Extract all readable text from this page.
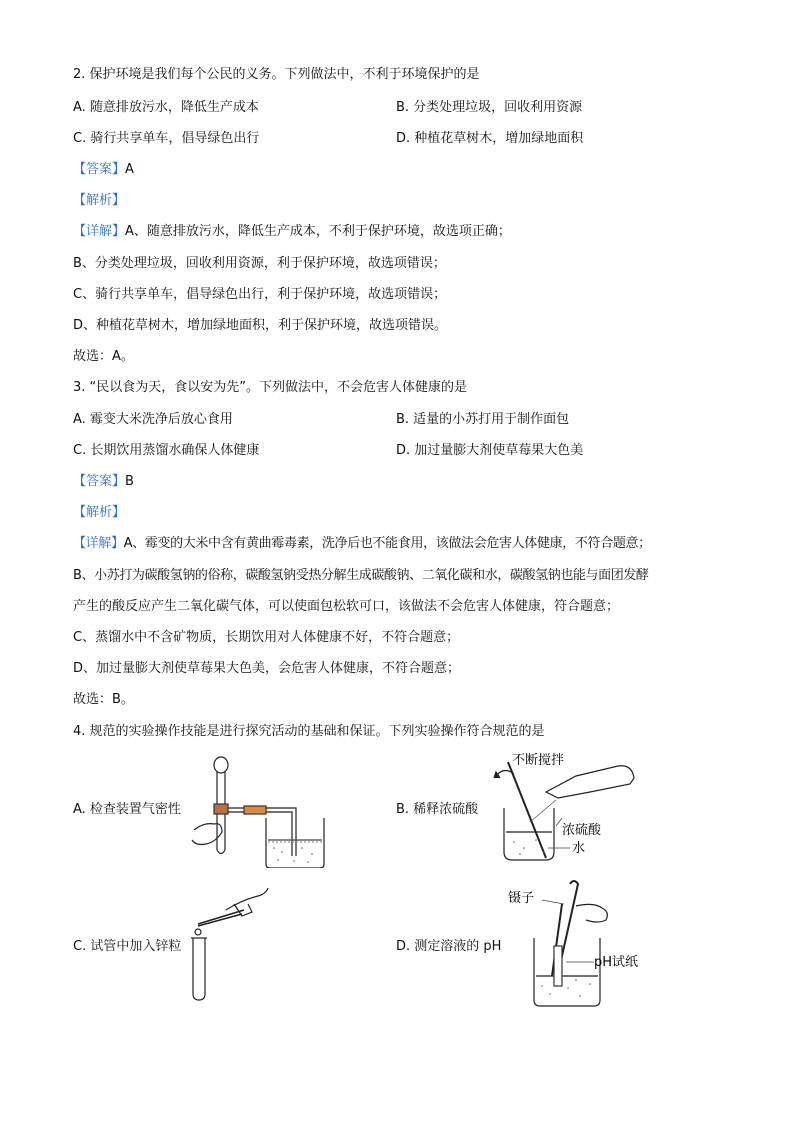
2. 保护环境是我们每个公民的义务。下列做法中，不利于环境保护的是
A. 随意排放污水，降低生产成本	B. 分类处理垃圾，回收利用资源
C. 骑行共享单车，倡导绿色出行	D. 种植花草树木，增加绿地面积
【答案】A
【解析】
【详解】A、随意排放污水，降低生产成本，不利于保护环境，故选项正确；
B、分类处理垃圾，回收利用资源，利于保护环境，故选项错误；
C、骑行共享单车，倡导绿色出行，利于保护环境，故选项错误；
D、种植花草树木，增加绿地面积，利于保护环境，故选项错误。
故选：A。
3. “民以食为天，食以安为先”。下列做法中，不会危害人体健康的是
A. 霉变大米洗净后放心食用	B. 适量的小苏打用于制作面包
C. 长期饮用蒸馏水确保人体健康	D. 加过量膨大剂使草莓果大色美
【答案】B
【解析】
【详解】A、霉变的大米中含有黄曲霉毒素，洗净后也不能食用，该做法会危害人体健康，不符合题意；
B、小苏打为碳酸氢钠的俗称，碳酸氢钠受热分解生成碳酸钠、二氧化碳和水，碳酸氢钠也能与面团发酵
产生的酸反应产生二氧化碳气体，可以使面包松软可口，该做法不会危害人体健康，符合题意；
C、蒸馏水中不含矿物质，长期饮用对人体健康不好，不符合题意；
D、加过量膨大剂使草莓果大色美，会危害人体健康，不符合题意；
故选：B。
4. 规范的实验操作技能是进行探究活动的基础和保证。下列实验操作符合规范的是
A. 检查装置气密性	B. 稀释浓硫酸
C. 试管中加入锌粒	D. 测定溶液的 pH
不断搅拌
浓硫酸
水
镊子
pH试纸
